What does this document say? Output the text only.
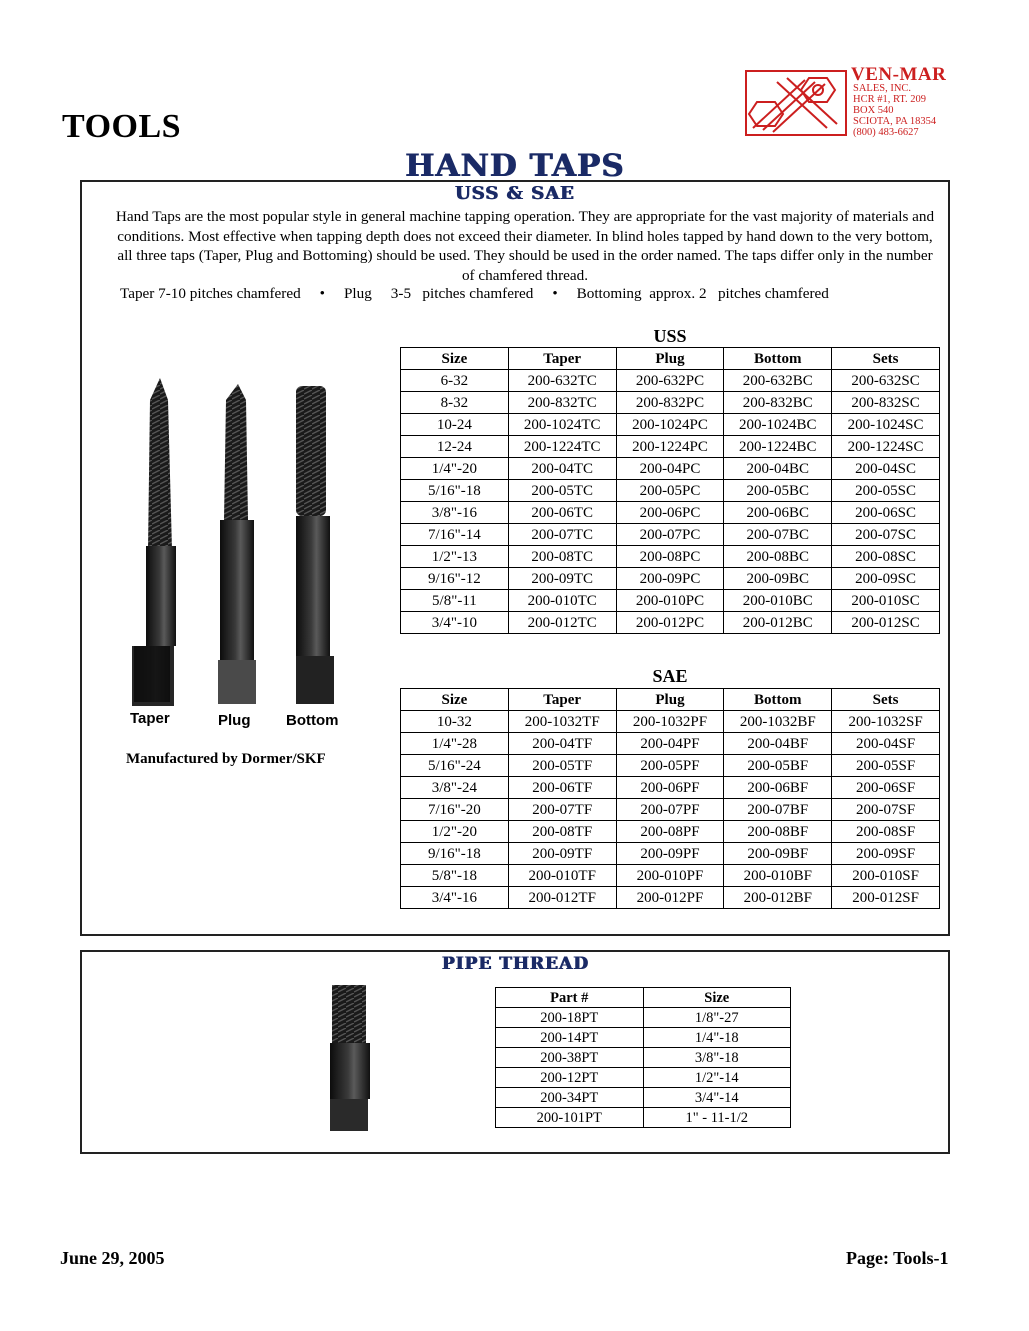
TOOLS
VEN-MAR
SALES, INC.
HCR #1, RT. 209
BOX 540
SCIOTA, PA 18354
(800) 483-6627
HAND TAPS
USS & SAE
Hand Taps are the most popular style in general machine tapping operation. They are appropriate for the vast majority of materials and conditions. Most effective when tapping depth does not exceed their diameter. In blind holes tapped by hand down to the very bottom, all three taps (Taper, Plug and Bottoming) should be used. They should be used in the order named. The taps differ only in the number of chamfered thread.
Taper 7-10 pitches chamfered     •     Plug     3-5   pitches chamfered     •     Bottoming  approx. 2   pitches chamfered
Taper	Plug Bottom
Manufactured by Dormer/SKF
USS
Size	Taper	Plug	Bottom	Sets
6-32	200-632TC	200-632PC	200-632BC	200-632SC
8-32	200-832TC	200-832PC	200-832BC	200-832SC
10-24	200-1024TC	200-1024PC	200-1024BC	200-1024SC
12-24	200-1224TC	200-1224PC	200-1224BC	200-1224SC
1/4"-20	200-04TC	200-04PC	200-04BC	200-04SC
5/16"-18	200-05TC	200-05PC	200-05BC	200-05SC
3/8"-16	200-06TC	200-06PC	200-06BC	200-06SC
7/16"-14	200-07TC	200-07PC	200-07BC	200-07SC
1/2"-13	200-08TC	200-08PC	200-08BC	200-08SC
9/16"-12	200-09TC	200-09PC	200-09BC	200-09SC
5/8"-11	200-010TC	200-010PC	200-010BC	200-010SC
3/4"-10	200-012TC	200-012PC	200-012BC	200-012SC
SAE
Size	Taper	Plug	Bottom	Sets
10-32	200-1032TF	200-1032PF	200-1032BF	200-1032SF
1/4"-28	200-04TF	200-04PF	200-04BF	200-04SF
5/16"-24	200-05TF	200-05PF	200-05BF	200-05SF
3/8"-24	200-06TF	200-06PF	200-06BF	200-06SF
7/16"-20	200-07TF	200-07PF	200-07BF	200-07SF
1/2"-20	200-08TF	200-08PF	200-08BF	200-08SF
9/16"-18	200-09TF	200-09PF	200-09BF	200-09SF
5/8"-18	200-010TF	200-010PF	200-010BF	200-010SF
3/4"-16	200-012TF	200-012PF	200-012BF	200-012SF
PIPE THREAD
Part #	Size
200-18PT	1/8"-27
200-14PT	1/4"-18
200-38PT	3/8"-18
200-12PT	1/2"-14
200-34PT	3/4"-14
200-101PT	1" - 11-1/2
June 29, 2005	Page: Tools-1
